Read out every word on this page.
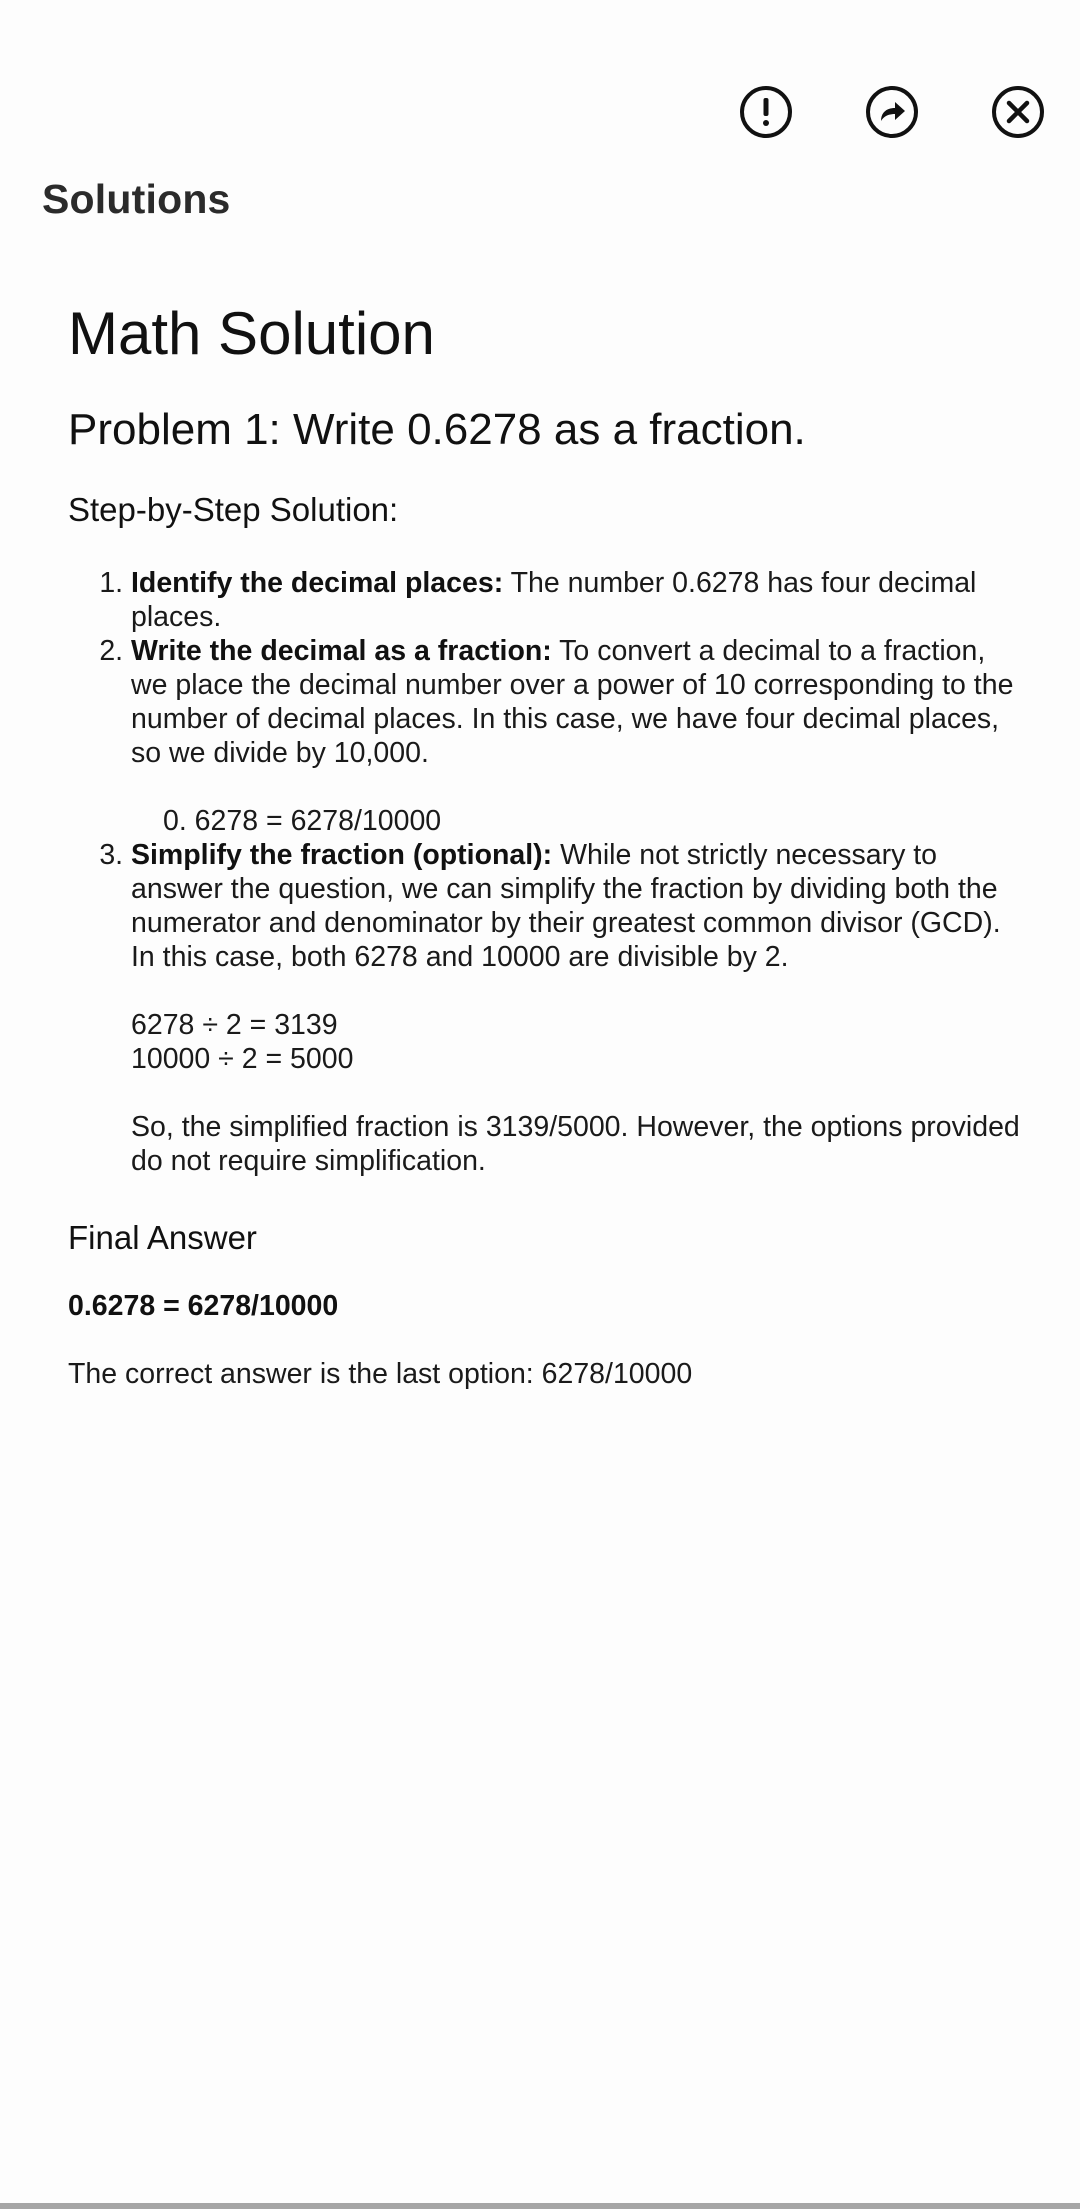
Solutions
Math Solution
Problem 1: Write 0.6278 as a fraction.
Step-by-Step Solution:
1. Identify the decimal places: The number 0.6278 has four decimal places.
2. Write the decimal as a fraction: To convert a decimal to a fraction, we place the decimal number over a power of 10 corresponding to the number of decimal places. In this case, we have four decimal places, so we divide by 10,000.
0. 6278 = 6278/10000
3. Simplify the fraction (optional): While not strictly necessary to answer the question, we can simplify the fraction by dividing both the numerator and denominator by their greatest common divisor (GCD). In this case, both 6278 and 10000 are divisible by 2.
6278 ÷ 2 = 3139
10000 ÷ 2 = 5000
So, the simplified fraction is 3139/5000. However, the options provided do not require simplification.
Final Answer

0.6278 = 6278/10000

The correct answer is the last option: 6278/10000
